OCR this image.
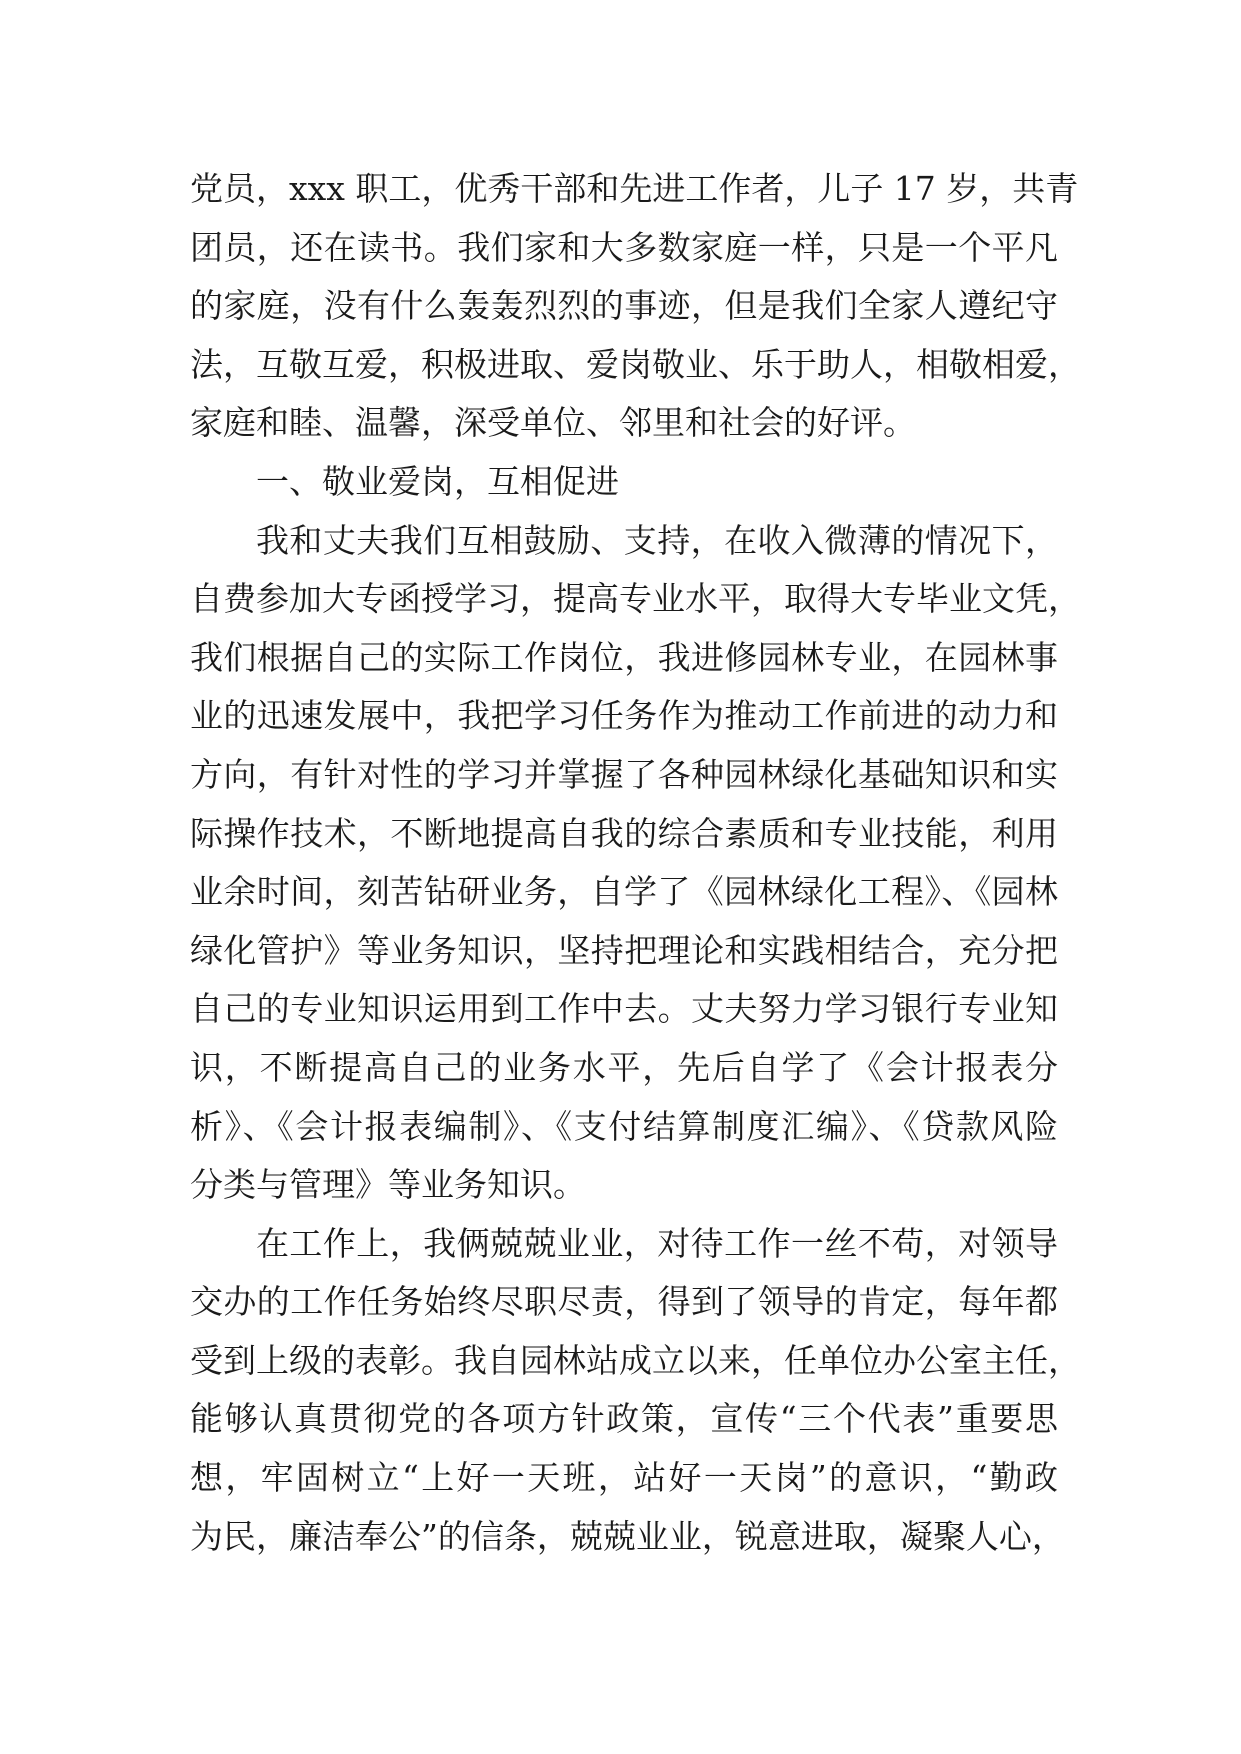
党员，xxx 职工，优秀干部和先进工作者，儿子 17 岁，共青
团员，还在读书。我们家和大多数家庭一样，只是一个平凡
的家庭，没有什么轰轰烈烈的事迹，但是我们全家人遵纪守
法，互敬互爱，积极进取、爱岗敬业、乐于助人，相敬相爱，
家庭和睦、温馨，深受单位、邻里和社会的好评。
一、敬业爱岗，互相促进
我和丈夫我们互相鼓励、支持，在收入微薄的情况下，
自费参加大专函授学习，提高专业水平，取得大专毕业文凭，
我们根据自己的实际工作岗位，我进修园林专业，在园林事
业的迅速发展中，我把学习任务作为推动工作前进的动力和
方向，有针对性的学习并掌握了各种园林绿化基础知识和实
际操作技术，不断地提高自我的综合素质和专业技能，利用
业余时间，刻苦钻研业务，自学了《园林绿化工程》、《园林
绿化管护》等业务知识，坚持把理论和实践相结合，充分把
自己的专业知识运用到工作中去。丈夫努力学习银行专业知
识，不断提高自己的业务水平，先后自学了《会计报表分
析》、《会计报表编制》、《支付结算制度汇编》、《贷款风险
分类与管理》等业务知识。
在工作上，我俩兢兢业业，对待工作一丝不苟，对领导
交办的工作任务始终尽职尽责，得到了领导的肯定，每年都
受到上级的表彰。我自园林站成立以来，任单位办公室主任，
能够认真贯彻党的各项方针政策，宣传“三个代表”重要思
想，牢固树立“上好一天班，站好一天岗”的意识，“勤政
为民，廉洁奉公”的信条，兢兢业业，锐意进取，凝聚人心，
